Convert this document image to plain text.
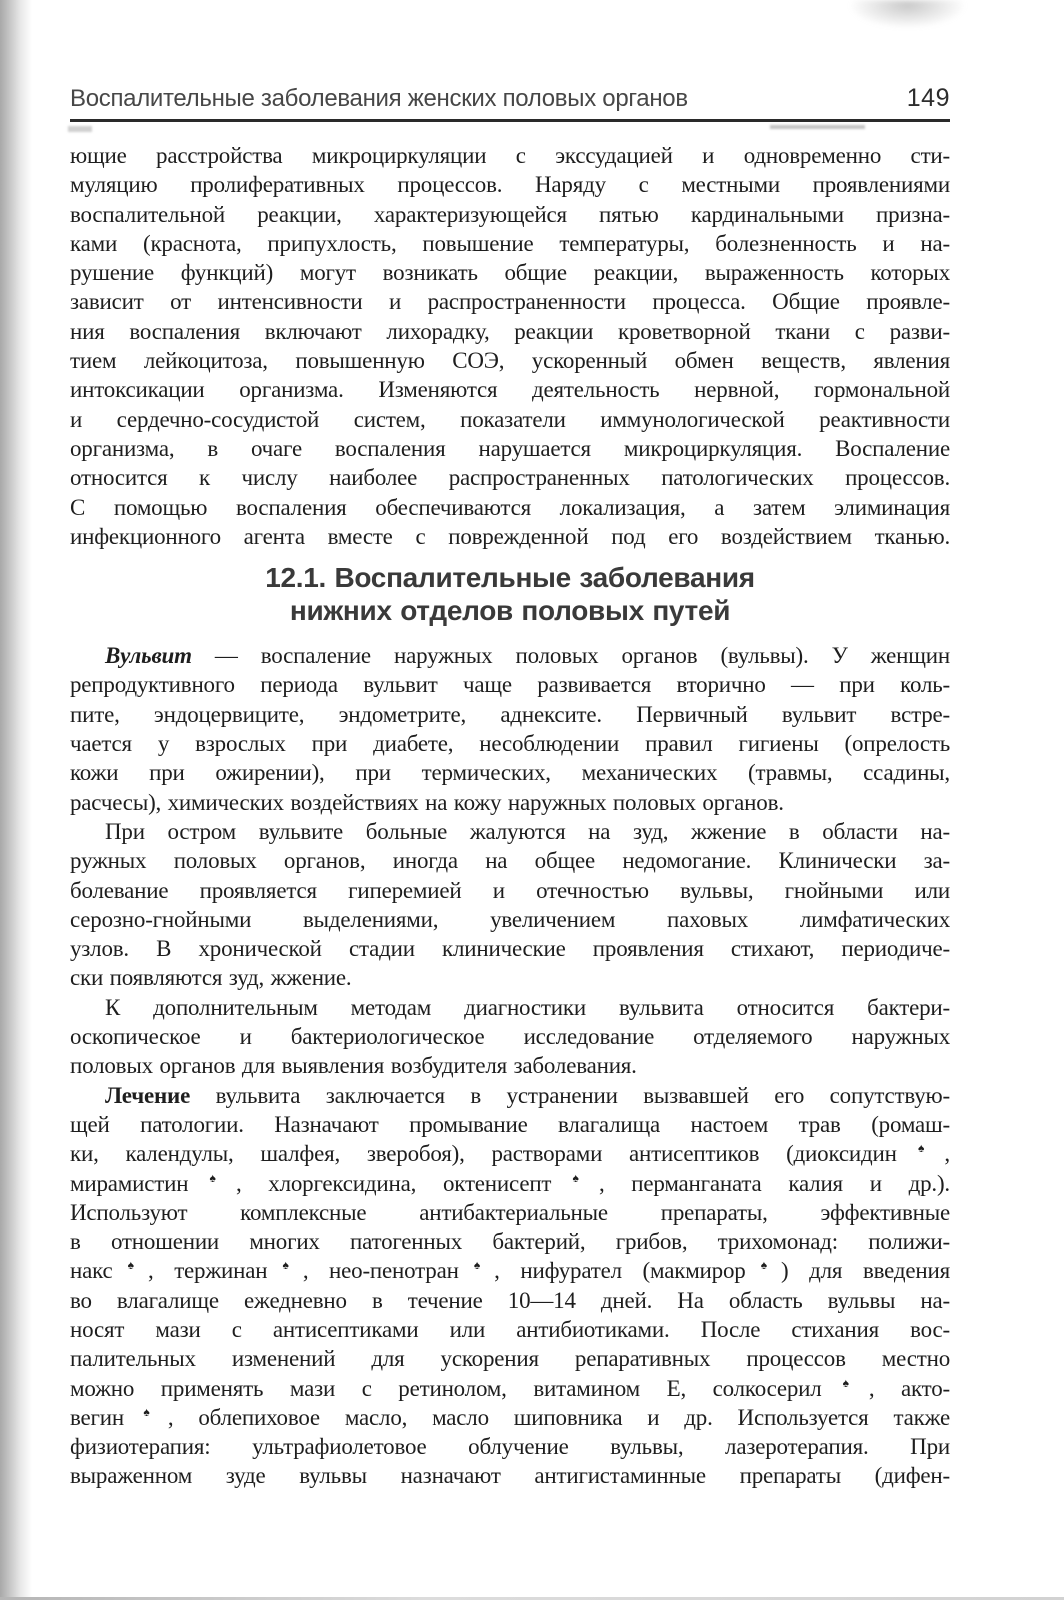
Воспалительные заболевания женских половых органов	149

ющие расстройства микроциркуляции с экссудацией и одновременно сти-
муляцию пролиферативных процессов. Наряду с местными проявлениями
воспалительной реакции, характеризующейся пятью кардинальными призна-
ками (краснота, припухлость, повышение температуры, болезненность и на-
рушение функций) могут возникать общие реакции, выраженность которых
зависит от интенсивности и распространенности процесса. Общие проявле-
ния воспаления включают лихорадку, реакции кроветворной ткани с разви-
тием лейкоцитоза, повышенную СОЭ, ускоренный обмен веществ, явления
интоксикации организма. Изменяются деятельность нервной, гормональной
и сердечно-сосудистой систем, показатели иммунологической реактивности
организма, в очаге воспаления нарушается микроциркуляция. Воспаление
относится к числу наиболее распространенных патологических процессов.
С помощью воспаления обеспечиваются локализация, а затем элиминация
инфекционного агента вместе с поврежденной под его воздействием тканью.

12.1. Воспалительные заболевания
нижних отделов половых путей

Вульвит — воспаление наружных половых органов (вульвы). У женщин
репродуктивного периода вульвит чаще развивается вторично — при коль-
пите, эндоцервиците, эндометрите, аднексите. Первичный вульвит встре-
чается у взрослых при диабете, несоблюдении правил гигиены (опрелость
кожи при ожирении), при термических, механических (травмы, ссадины,
расчесы), химических воздействиях на кожу наружных половых органов.

При остром вульвите больные жалуются на зуд, жжение в области на-
ружных половых органов, иногда на общее недомогание. Клинически за-
болевание проявляется гиперемией и отечностью вульвы, гнойными или
серозно-гнойными выделениями, увеличением паховых лимфатических
узлов. В хронической стадии клинические проявления стихают, периодиче-
ски появляются зуд, жжение.

К дополнительным методам диагностики вульвита относится бактери-
оскопическое и бактериологическое исследование отделяемого наружных
половых органов для выявления возбудителя заболевания.

Лечение вульвита заключается в устранении вызвавшей его сопутствую-
щей патологии. Назначают промывание влагалища настоем трав (ромаш-
ки, календулы, шалфея, зверобоя), растворами антисептиков (диоксидин♠,
мирамистин♠, хлоргексидина, октенисепт♠, перманганата калия и др.).
Используют комплексные антибактериальные препараты, эффективные
в отношении многих патогенных бактерий, грибов, трихомонад: полижи-
накс♠, тержинан♠, нео-пенотран♠, нифурател (макмирор♠) для введения
во влагалище ежедневно в течение 10—14 дней. На область вульвы на-
носят мази с антисептиками или антибиотиками. После стихания вос-
палительных изменений для ускорения репаративных процессов местно
можно применять мази с ретинолом, витамином Е, солкосерил♠, акто-
вегин♠, облепиховое масло, масло шиповника и др. Используется также
физиотерапия: ультрафиолетовое облучение вульвы, лазеротерапия. При
выраженном зуде вульвы назначают антигистаминные препараты (дифен-
